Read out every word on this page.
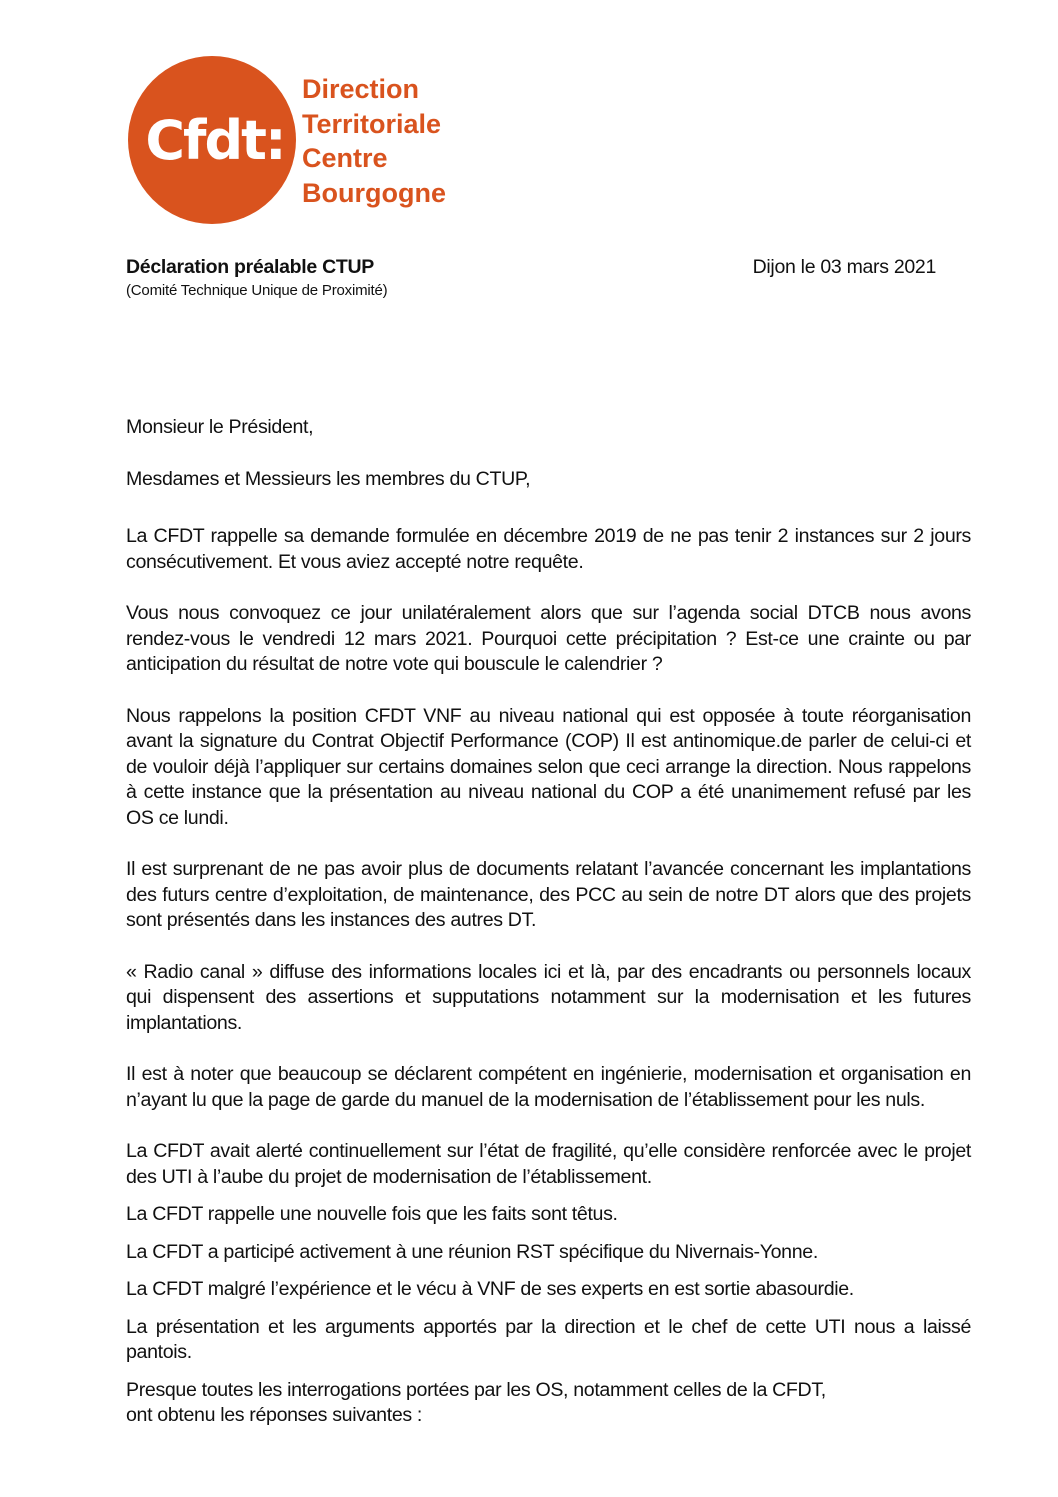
Cfdt:
Direction
Territoriale
Centre
Bourgogne
Déclaration préalable CTUP
(Comité Technique Unique de Proximité)
Dijon le 03 mars 2021

Monsieur le Président,

Mesdames et Messieurs les membres du CTUP,

La CFDT rappelle sa demande formulée en décembre 2019 de ne pas tenir 2 instances sur 2 jours consécutivement. Et vous aviez accepté notre requête.

Vous nous convoquez ce jour unilatéralement alors que sur l’agenda social DTCB nous avons rendez-vous le vendredi 12 mars 2021. Pourquoi cette précipitation ? Est-ce une crainte ou par anticipation du résultat de notre vote qui bouscule le calendrier ?

Nous rappelons la position CFDT VNF au niveau national qui est opposée à toute réorganisation avant la signature du Contrat Objectif Performance (COP) Il est antinomique.de parler de celui-ci et de vouloir déjà l’appliquer sur certains domaines selon que ceci arrange la direction. Nous rappelons à cette instance que la présentation au niveau national du COP a été unanimement refusé par les OS ce lundi.

Il est surprenant de ne pas avoir plus de documents relatant l’avancée concernant les implantations des futurs centre d’exploitation, de maintenance, des PCC au sein de notre DT alors que des projets sont présentés dans les instances des autres DT.

« Radio canal » diffuse des informations locales ici et là, par des encadrants ou personnels locaux qui dispensent des assertions et supputations notamment sur la modernisation et les futures implantations.

Il est à noter que beaucoup se déclarent compétent en ingénierie, modernisation et organisation en n’ayant lu que la page de garde du manuel de la modernisation de l’établissement pour les nuls.

La CFDT avait alerté continuellement sur l’état de fragilité, qu’elle considère renforcée avec le projet des UTI à l’aube du projet de modernisation de l’établissement.

La CFDT rappelle une nouvelle fois que les faits sont têtus.

La CFDT a participé activement à une réunion RST spécifique du Nivernais-Yonne.

La CFDT malgré l’expérience et le vécu à VNF de ses experts en est sortie abasourdie.

La présentation et les arguments apportés par la direction et le chef de cette UTI nous a laissé pantois.

Presque toutes les interrogations portées par les OS, notamment celles de la CFDT,

ont obtenu les réponses suivantes :
